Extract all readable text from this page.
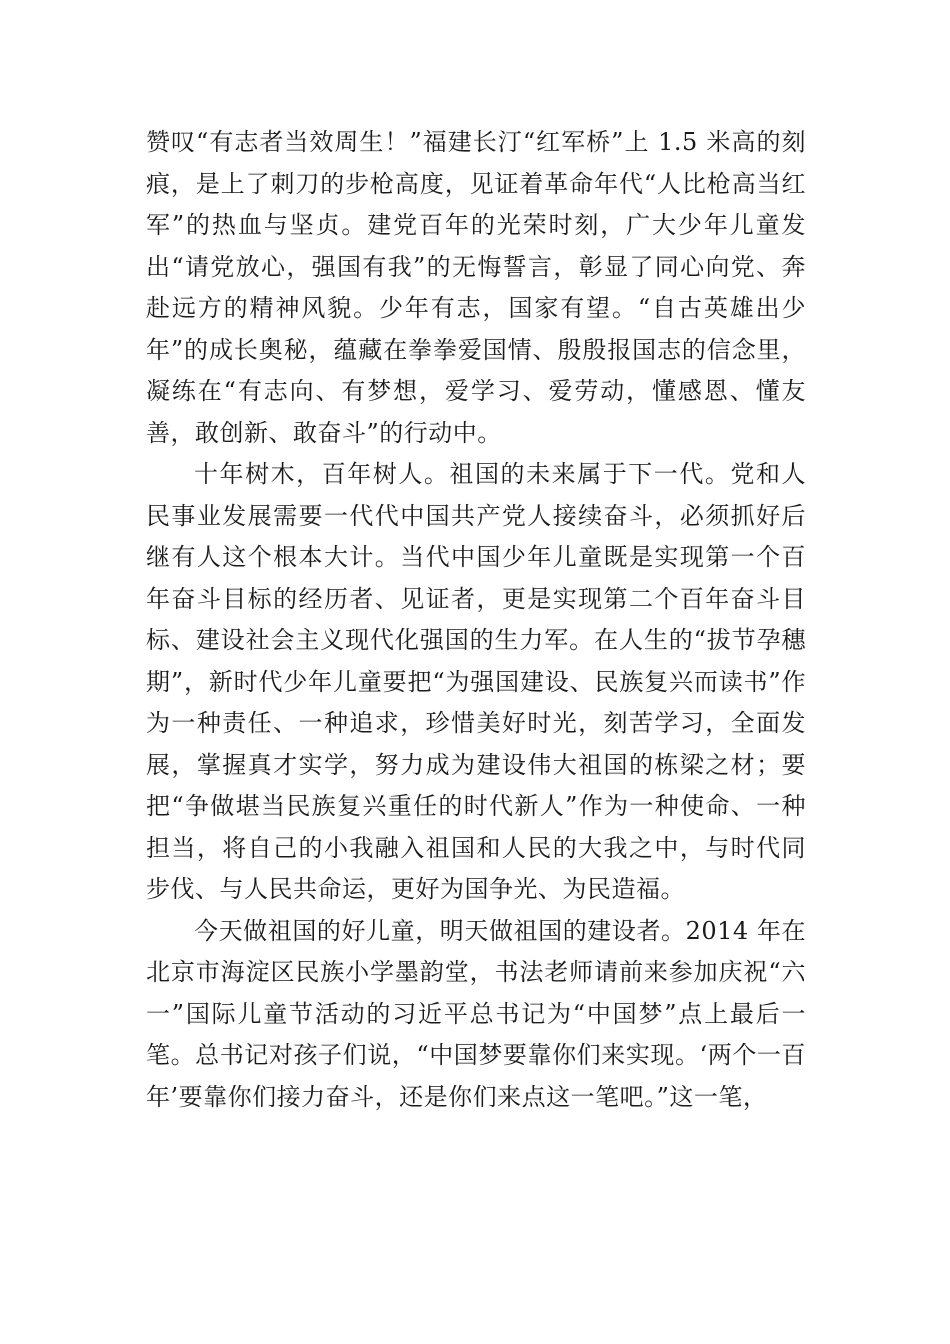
赞叹“有志者当效周生！”福建长汀“红军桥”上 1.5 米高的刻痕，是上了刺刀的步枪高度，见证着革命年代“人比枪高当红军”的热血与坚贞。建党百年的光荣时刻，广大少年儿童发出“请党放心，强国有我”的无悔誓言，彰显了同心向党、奔赴远方的精神风貌。少年有志，国家有望。“自古英雄出少年”的成长奥秘，蕴藏在拳拳爱国情、殷殷报国志的信念里，凝练在“有志向、有梦想，爱学习、爱劳动，懂感恩、懂友善，敢创新、敢奋斗”的行动中。

十年树木，百年树人。祖国的未来属于下一代。党和人民事业发展需要一代代中国共产党人接续奋斗，必须抓好后继有人这个根本大计。当代中国少年儿童既是实现第一个百年奋斗目标的经历者、见证者，更是实现第二个百年奋斗目标、建设社会主义现代化强国的生力军。在人生的“拔节孕穗期”，新时代少年儿童要把“为强国建设、民族复兴而读书”作为一种责任、一种追求，珍惜美好时光，刻苦学习，全面发展，掌握真才实学，努力成为建设伟大祖国的栋梁之材；要把“争做堪当民族复兴重任的时代新人”作为一种使命、一种担当，将自己的小我融入祖国和人民的大我之中，与时代同步伐、与人民共命运，更好为国争光、为民造福。

今天做祖国的好儿童，明天做祖国的建设者。2014 年在北京市海淀区民族小学墨韵堂，书法老师请前来参加庆祝“六一”国际儿童节活动的习近平总书记为“中国梦”点上最后一笔。总书记对孩子们说，“中国梦要靠你们来实现。‘两个一百年’要靠你们接力奋斗，还是你们来点这一笔吧。”这一笔，
